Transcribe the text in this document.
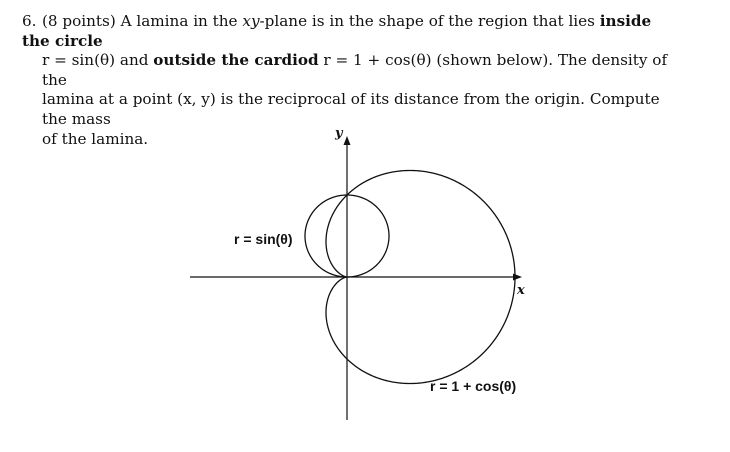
6. (8 points) A lamina in the xy-plane is in the shape of the region that lies inside the circle
r = sin(θ) and outside the cardiod r = 1 + cos(θ) (shown below). The density of the
lamina at a point (x, y) is the reciprocal of its distance from the origin. Compute the mass
of the lamina.	y
x
r = sin(θ)
r = 1 + cos(θ)
